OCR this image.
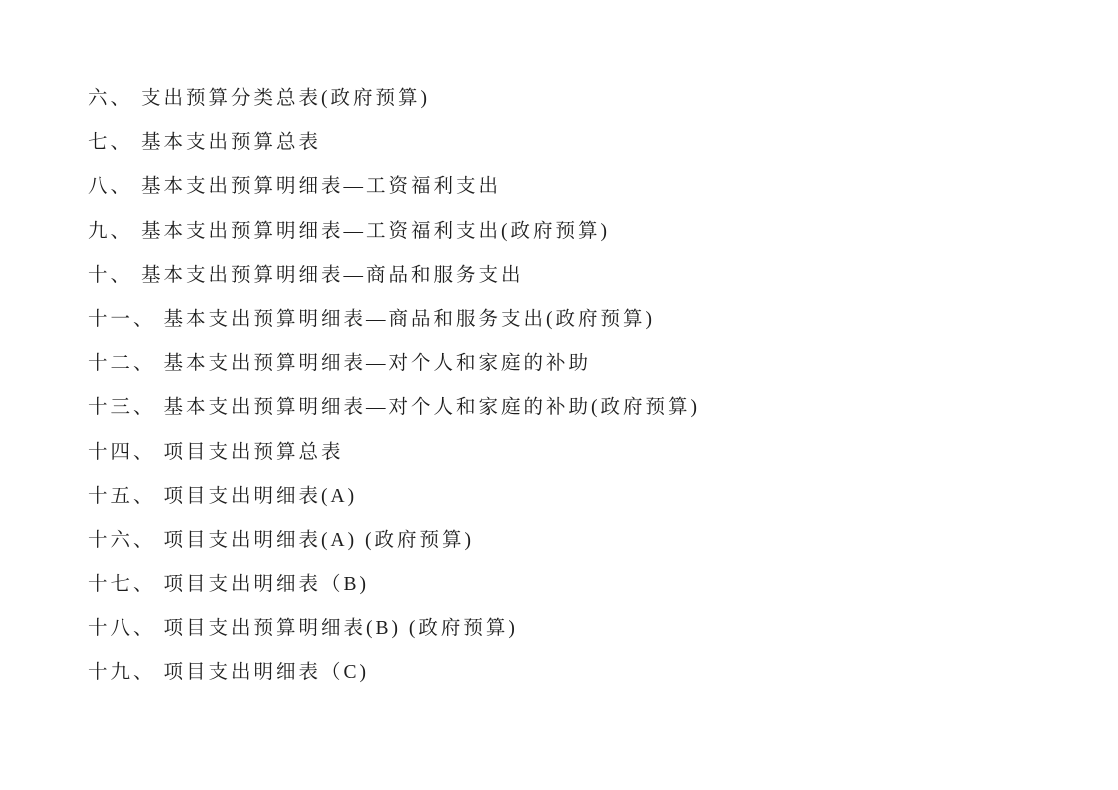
六、 支出预算分类总表(政府预算)

七、 基本支出预算总表

八、 基本支出预算明细表—工资福利支出

九、 基本支出预算明细表—工资福利支出(政府预算)

十、 基本支出预算明细表—商品和服务支出

十一、 基本支出预算明细表—商品和服务支出(政府预算)

十二、 基本支出预算明细表—对个人和家庭的补助

十三、 基本支出预算明细表—对个人和家庭的补助(政府预算)

十四、 项目支出预算总表

十五、 项目支出明细表(A)

十六、 项目支出明细表(A) (政府预算)

十七、 项目支出明细表（B)

十八、 项目支出预算明细表(B) (政府预算)

十九、 项目支出明细表（C)
